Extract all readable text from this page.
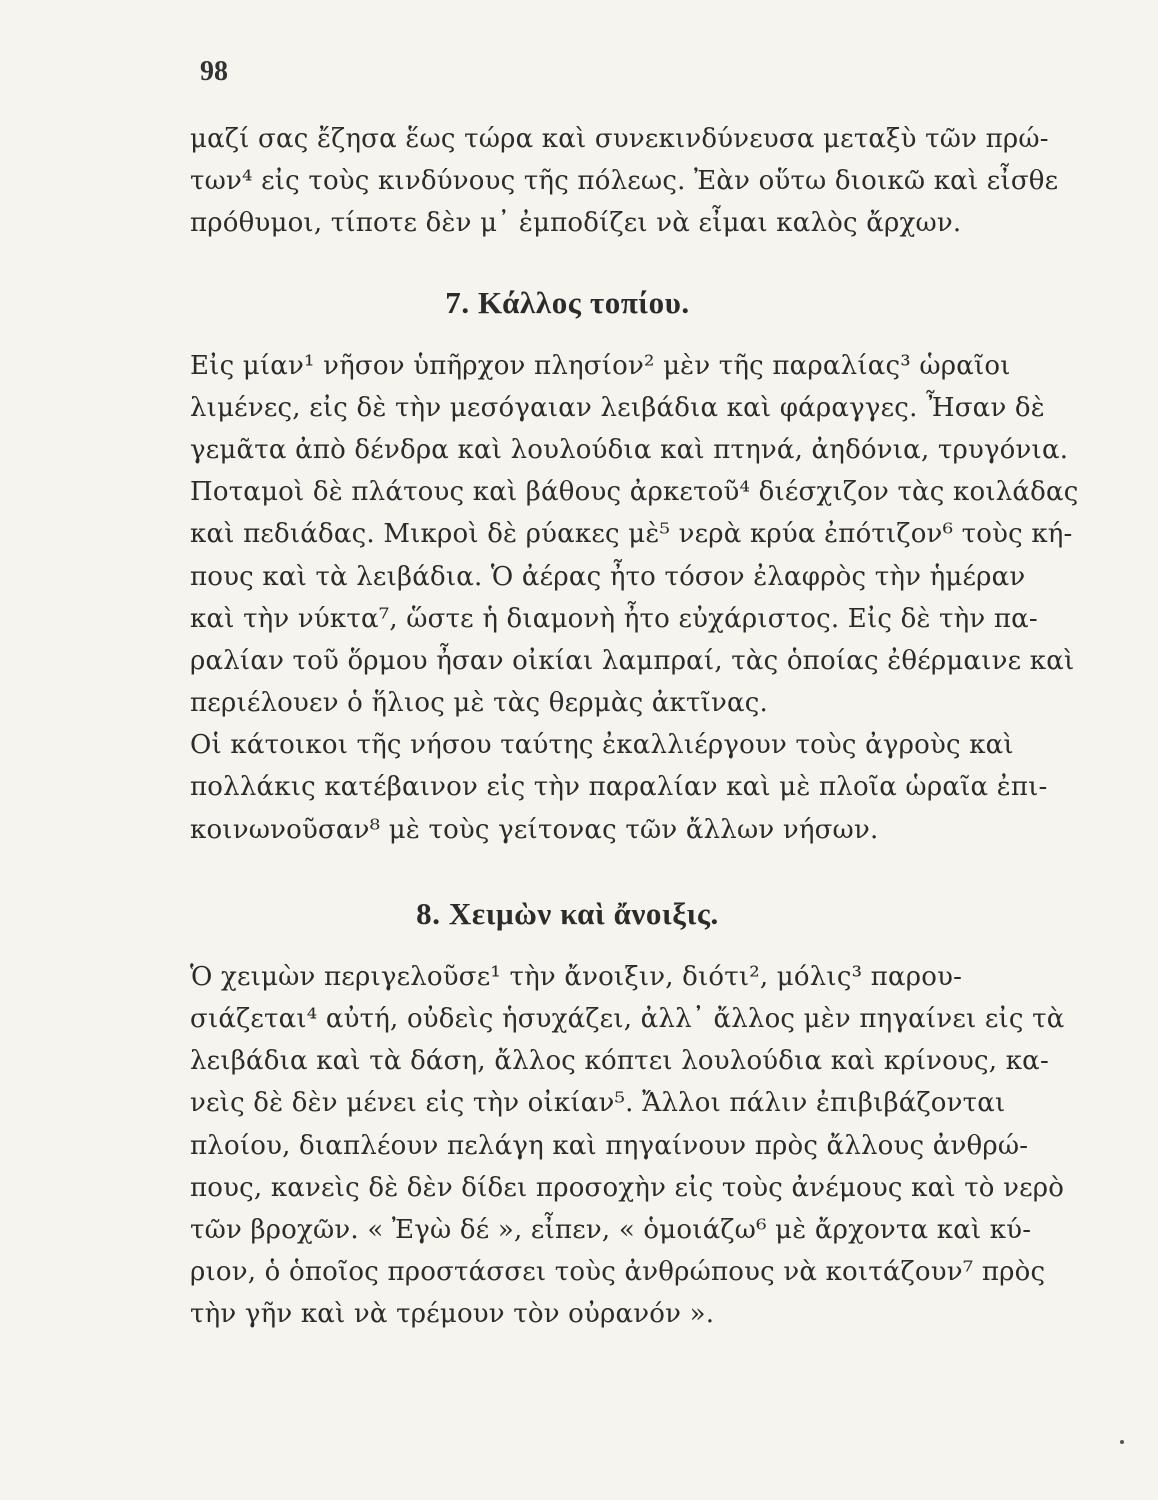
98
μαζί σας ἔζησα ἕως τώρα καὶ συνεκινδύνευσα μεταξὺ τῶν πρώ-
των⁴ εἰς τοὺς κινδύνους τῆς πόλεως. Ἐὰν οὕτω διοικῶ καὶ εἶσθε
πρόθυμοι, τίποτε δὲν μ᾽ ἐμποδίζει νὰ εἶμαι καλὸς ἄρχων.
7. Κάλλος τοπίου.
Εἰς μίαν¹ νῆσον ὑπῆρχον πλησίον² μὲν τῆς παραλίας³ ὡραῖοι
λιμένες, εἰς δὲ τὴν μεσόγαιαν λειβάδια καὶ φάραγγες. Ἦσαν δὲ
γεμᾶτα ἀπὸ δένδρα καὶ λουλούδια καὶ πτηνά, ἀηδόνια, τρυγόνια.
Ποταμοὶ δὲ πλάτους καὶ βάθους ἀρκετοῦ⁴ διέσχιζον τὰς κοιλάδας
καὶ πεδιάδας. Μικροὶ δὲ ρύακες μὲ⁵ νερὰ κρύα ἐπότιζον⁶ τοὺς κή-
πους καὶ τὰ λειβάδια. Ὁ ἀέρας ἦτο τόσον ἐλαφρὸς τὴν ἡμέραν
καὶ τὴν νύκτα⁷, ὥστε ἡ διαμονὴ ἦτο εὐχάριστος. Εἰς δὲ τὴν πα-
ραλίαν τοῦ ὅρμου ἦσαν οἰκίαι λαμπραί, τὰς ὁποίας ἐθέρμαινε καὶ
περιέλουεν ὁ ἥλιος μὲ τὰς θερμὰς ἀκτῖνας.
Οἱ κάτοικοι τῆς νήσου ταύτης ἐκαλλιέργουν τοὺς ἀγροὺς καὶ
πολλάκις κατέβαινον εἰς τὴν παραλίαν καὶ μὲ πλοῖα ὡραῖα ἐπι-
κοινωνοῦσαν⁸ μὲ τοὺς γείτονας τῶν ἄλλων νήσων.
8. Χειμὼν καὶ ἄνοιξις.
Ὁ χειμὼν περιγελοῦσε¹ τὴν ἄνοιξιν, διότι², μόλις³ παρου-
σιάζεται⁴ αὐτή, οὐδεὶς ἡσυχάζει, ἀλλ᾽ ἄλλος μὲν πηγαίνει εἰς τὰ
λειβάδια καὶ τὰ δάση, ἄλλος κόπτει λουλούδια καὶ κρίνους, κα-
νεὶς δὲ δὲν μένει εἰς τὴν οἰκίαν⁵. Ἄλλοι πάλιν ἐπιβιβάζονται
πλοίου, διαπλέουν πελάγη καὶ πηγαίνουν πρὸς ἄλλους ἀνθρώ-
πους, κανεὶς δὲ δὲν δίδει προσοχὴν εἰς τοὺς ἀνέμους καὶ τὸ νερὸ
τῶν βροχῶν. « Ἐγὼ δέ », εἶπεν, « ὁμοιάζω⁶ μὲ ἄρχοντα καὶ κύ-
ριον, ὁ ὁποῖος προστάσσει τοὺς ἀνθρώπους νὰ κοιτάζουν⁷ πρὸς
τὴν γῆν καὶ νὰ τρέμουν τὸν οὐρανόν ».
